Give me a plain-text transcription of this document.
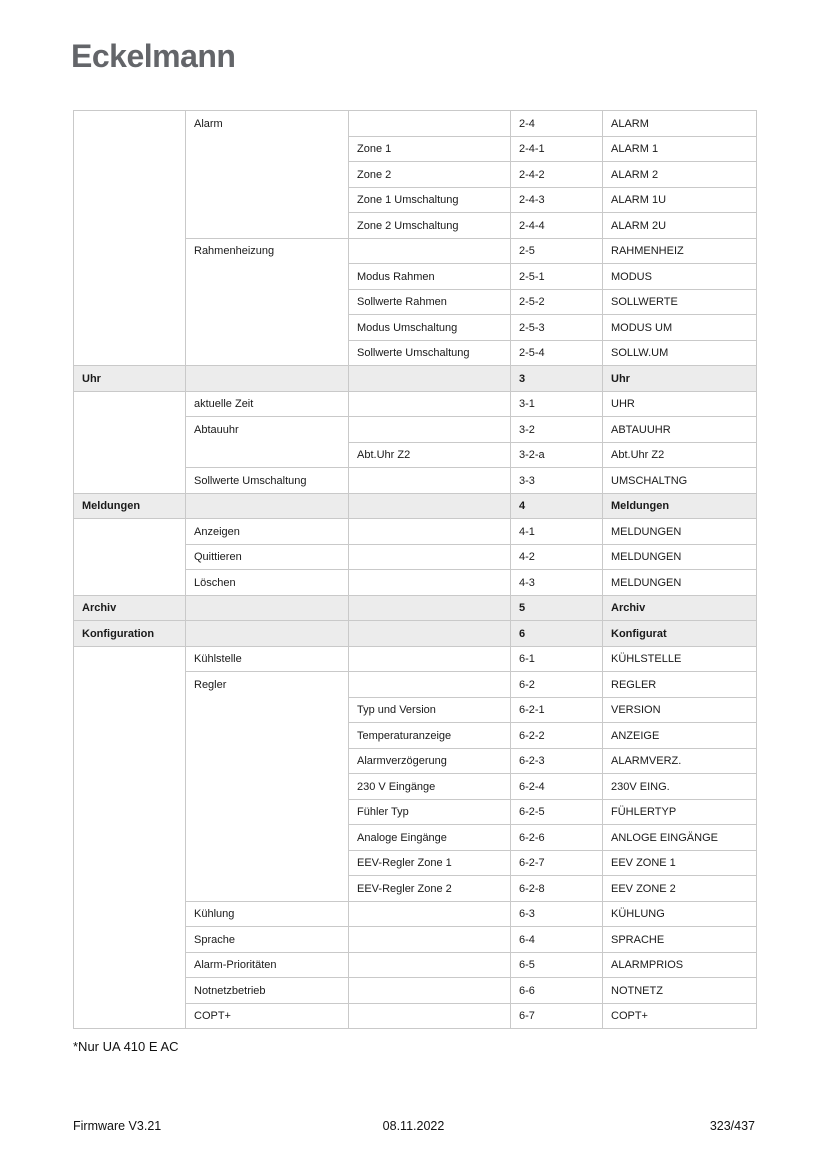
Eckelmann
	Alarm		2-4	ALARM
		Zone 1	2-4-1	ALARM 1
		Zone 2	2-4-2	ALARM 2
		Zone 1 Umschaltung	2-4-3	ALARM 1U
		Zone 2 Umschaltung	2-4-4	ALARM 2U
	Rahmenheizung		2-5	RAHMENHEIZ
		Modus Rahmen	2-5-1	MODUS
		Sollwerte Rahmen	2-5-2	SOLLWERTE
		Modus Umschaltung	2-5-3	MODUS UM
		Sollwerte Umschaltung	2-5-4	SOLLW.UM
Uhr			3	Uhr
	aktuelle Zeit		3-1	UHR
	Abtauuhr		3-2	ABTAUUHR
		Abt.Uhr Z2	3-2-a	Abt.Uhr Z2
	Sollwerte Umschaltung		3-3	UMSCHALTNG
Meldungen			4	Meldungen
	Anzeigen		4-1	MELDUNGEN
	Quittieren		4-2	MELDUNGEN
	Löschen		4-3	MELDUNGEN
Archiv			5	Archiv
Konfiguration			6	Konfigurat
	Kühlstelle		6-1	KÜHLSTELLE
	Regler		6-2	REGLER
		Typ und Version	6-2-1	VERSION
		Temperaturanzeige	6-2-2	ANZEIGE
		Alarmverzögerung	6-2-3	ALARMVERZ.
		230 V Eingänge	6-2-4	230V EING.
		Fühler Typ	6-2-5	FÜHLERTYP
		Analoge Eingänge	6-2-6	ANLOGE EINGÄNGE
		EEV-Regler Zone 1	6-2-7	EEV ZONE 1
		EEV-Regler Zone 2	6-2-8	EEV ZONE 2
	Kühlung		6-3	KÜHLUNG
	Sprache		6-4	SPRACHE
	Alarm-Prioritäten		6-5	ALARMPRIOS
	Notnetzbetrieb		6-6	NOTNETZ
	COPT+		6-7	COPT+
*Nur UA 410 E AC
Firmware V3.21	08.11.2022	323/437
